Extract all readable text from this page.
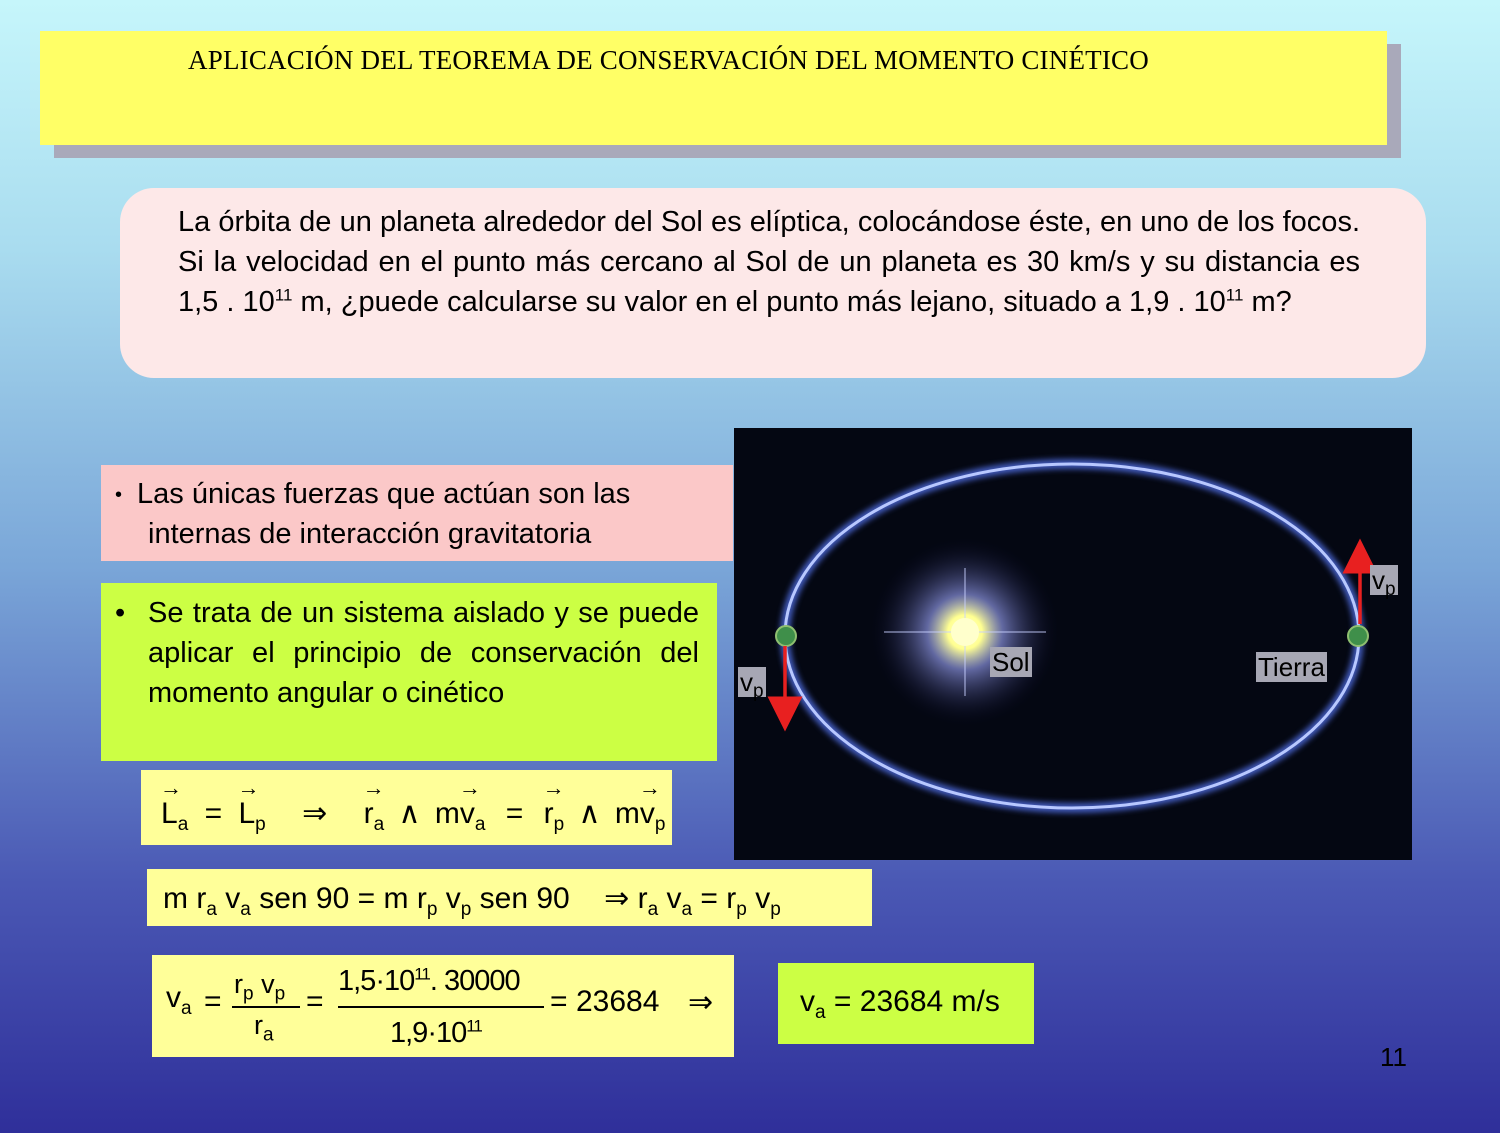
APLICACIÓN DEL TEOREMA DE CONSERVACIÓN DEL MOMENTO CINÉTICO
La órbita de un planeta alrededor del Sol es elíptica, colocándose éste, en uno de los focos. Si la velocidad en el punto más cercano al Sol de un planeta es 30 km/s y su distancia es 1,5 . $10^{11}$ m, ¿puede calcularse su valor en el punto más lejano, situado a 1,9 . $10^{11}$ m?
Sol	Tierra
$v_p$
$v_p$
• Las únicas fuerzas que actúan son las
internas de interacción gravitatoria
• Se trata de un sistema aislado y se puede aplicar el principio de conservación del momento angular o cinético
→ $L_a$ = → $L_p$ ⇒ → $r_a$ ∧ $m\to v_a$ = → $r_p$ ∧ $m\to v_p$
m $r_a$ $v_a$ sen 90 = m $r_p$ $v_p$ sen 90 ⇒ $r_a$ $v_a = r_p$ $v_p$
$v_a$ =
$r_p$ $v_p$
$r_a$
=
$1,5\cdot 10^{11}$. 30000
$1,9\cdot 10^{11}$
= 23684 ⇒	$v_a = 23684$ m/s
11
